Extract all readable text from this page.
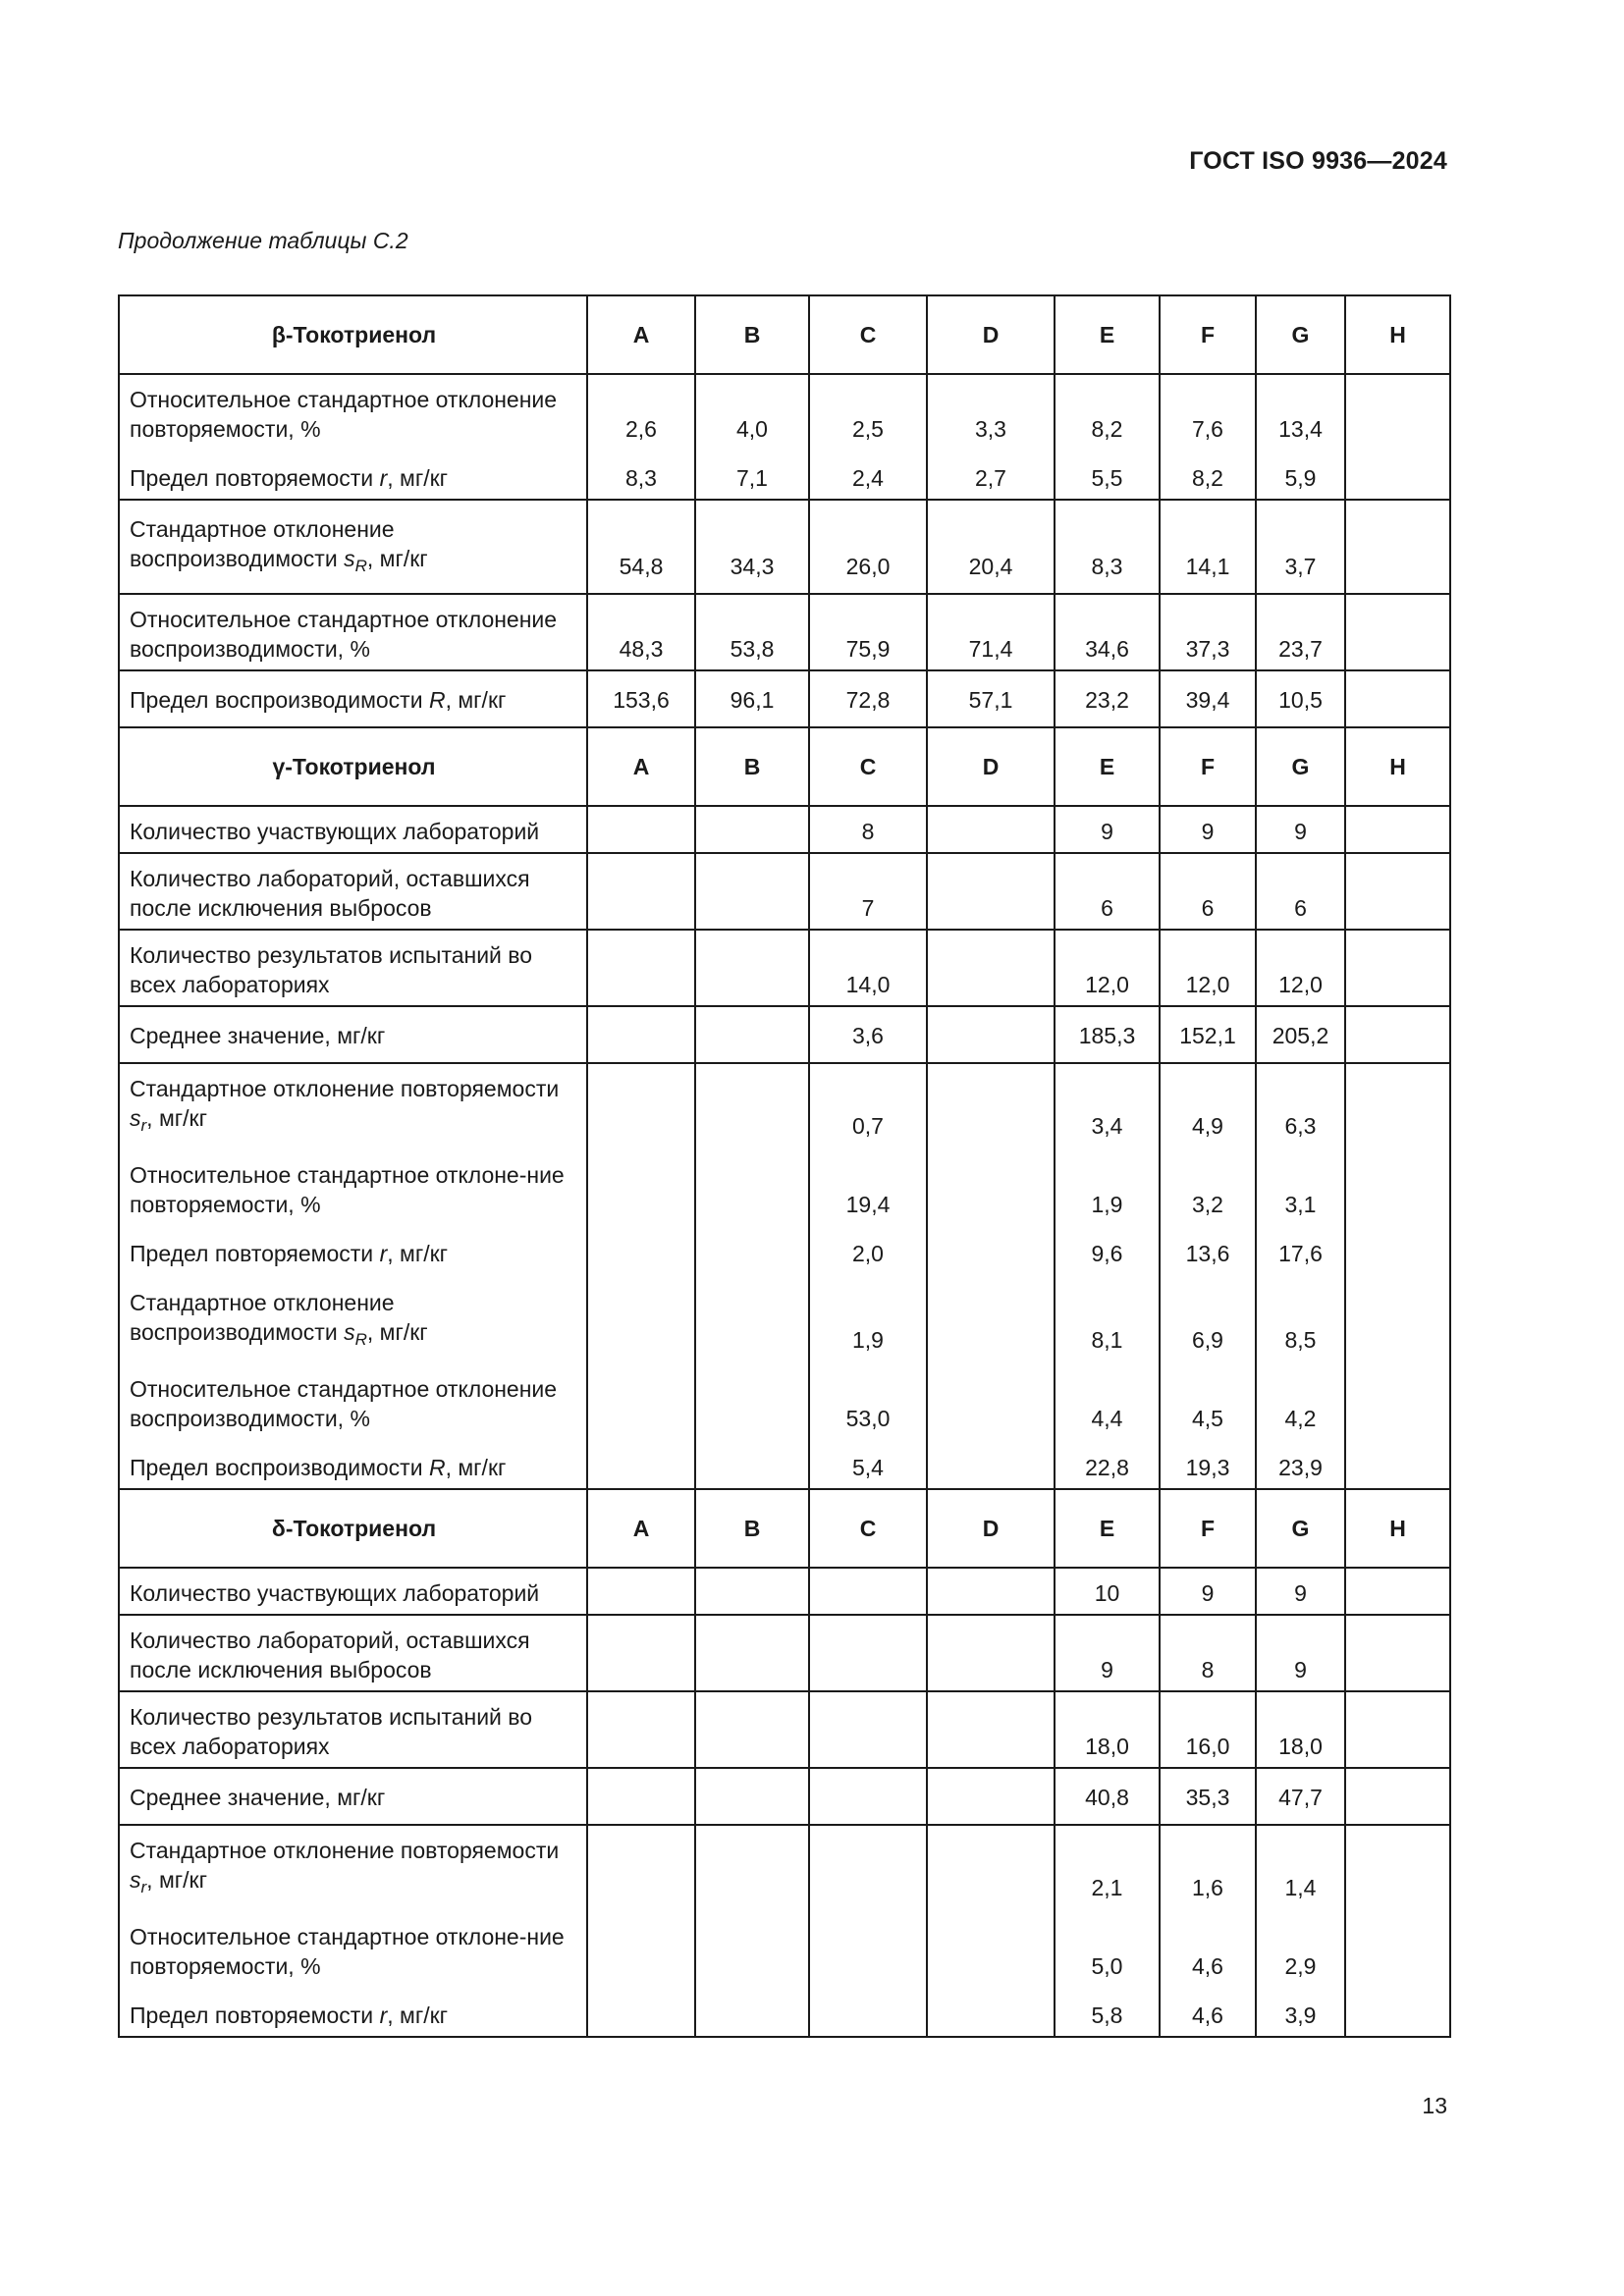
ГОСТ ISO 9936—2024
Продолжение таблицы С.2
β-Токотриенол	A	B	C	D	E	F	G	H
Относительное стандартное отклонение повторяемости, %	2,6	4,0	2,5	3,3	8,2	7,6	13,4	
Предел повторяемости r, мг/кг	8,3	7,1	2,4	2,7	5,5	8,2	5,9	
Стандартное отклонение воспроизводимости $s_R$, мг/кг	54,8	34,3	26,0	20,4	8,3	14,1	3,7	
Относительное стандартное отклонение воспроизводимости, %	48,3	53,8	75,9	71,4	34,6	37,3	23,7	
Предел воспроизводимости R, мг/кг	153,6	96,1	72,8	57,1	23,2	39,4	10,5	
γ-Токотриенол	A	B	C	D	E	F	G	H
Количество участвующих лабораторий			8		9	9	9	
Количество лабораторий, оставшихся после исключения выбросов			7		6	6	6	
Количество результатов испытаний во всех лабораториях			14,0		12,0	12,0	12,0	
Среднее значение, мг/кг			3,6		185,3	152,1	205,2	
Стандартное отклонение повторяемости $s_r$, мг/кг			0,7		3,4	4,9	6,3	
Относительное стандартное отклоне-ние повторяемости, %			19,4		1,9	3,2	3,1	
Предел повторяемости r, мг/кг			2,0		9,6	13,6	17,6	
Стандартное отклонение воспроизводимости $s_R$, мг/кг			1,9		8,1	6,9	8,5	
Относительное стандартное отклонение воспроизводимости, %			53,0		4,4	4,5	4,2	
Предел воспроизводимости R, мг/кг			5,4		22,8	19,3	23,9	
δ-Токотриенол	A	B	C	D	E	F	G	H
Количество участвующих лабораторий					10	9	9	
Количество лабораторий, оставшихся после исключения выбросов					9	8	9	
Количество результатов испытаний во всех лабораториях					18,0	16,0	18,0	
Среднее значение, мг/кг					40,8	35,3	47,7	
Стандартное отклонение повторяемости $s_r$, мг/кг					2,1	1,6	1,4	
Относительное стандартное отклоне-ние повторяемости, %					5,0	4,6	2,9	
Предел повторяемости r, мг/кг					5,8	4,6	3,9	
13
